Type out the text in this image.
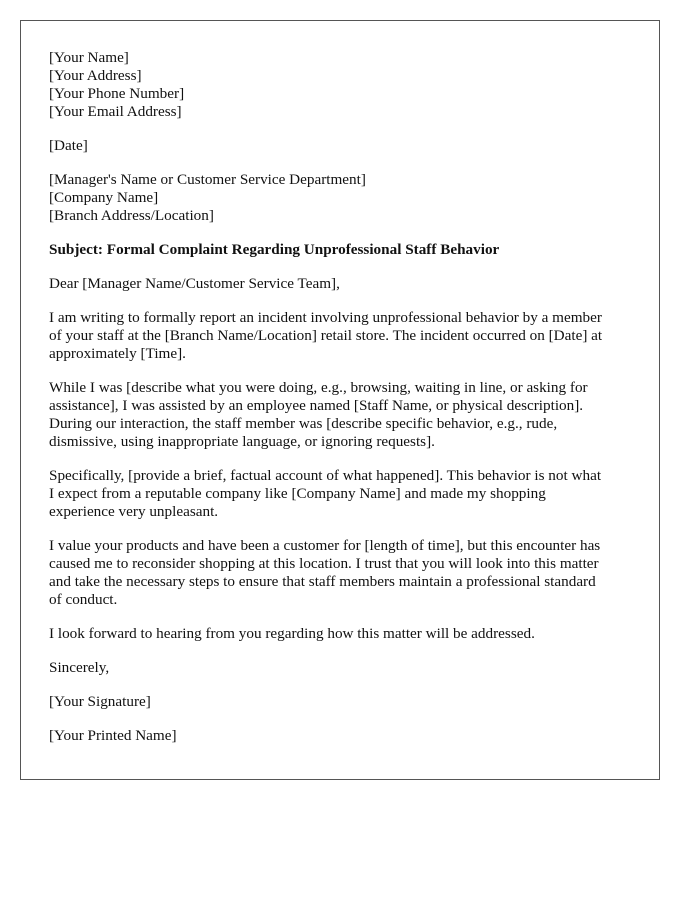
[Your Name]
[Your Address]
[Your Phone Number]
[Your Email Address]
[Date]
[Manager's Name or Customer Service Department]
[Company Name]
[Branch Address/Location]
Subject: Formal Complaint Regarding Unprofessional Staff Behavior
Dear [Manager Name/Customer Service Team],

I am writing to formally report an incident involving unprofessional behavior by a member
of your staff at the [Branch Name/Location] retail store. The incident occurred on [Date] at
approximately [Time].

While I was [describe what you were doing, e.g., browsing, waiting in line, or asking for
assistance], I was assisted by an employee named [Staff Name, or physical description].
During our interaction, the staff member was [describe specific behavior, e.g., rude,
dismissive, using inappropriate language, or ignoring requests].

Specifically, [provide a brief, factual account of what happened]. This behavior is not what
I expect from a reputable company like [Company Name] and made my shopping
experience very unpleasant.

I value your products and have been a customer for [length of time], but this encounter has
caused me to reconsider shopping at this location. I trust that you will look into this matter
and take the necessary steps to ensure that staff members maintain a professional standard
of conduct.

I look forward to hearing from you regarding how this matter will be addressed.

Sincerely,
[Your Signature]
[Your Printed Name]
